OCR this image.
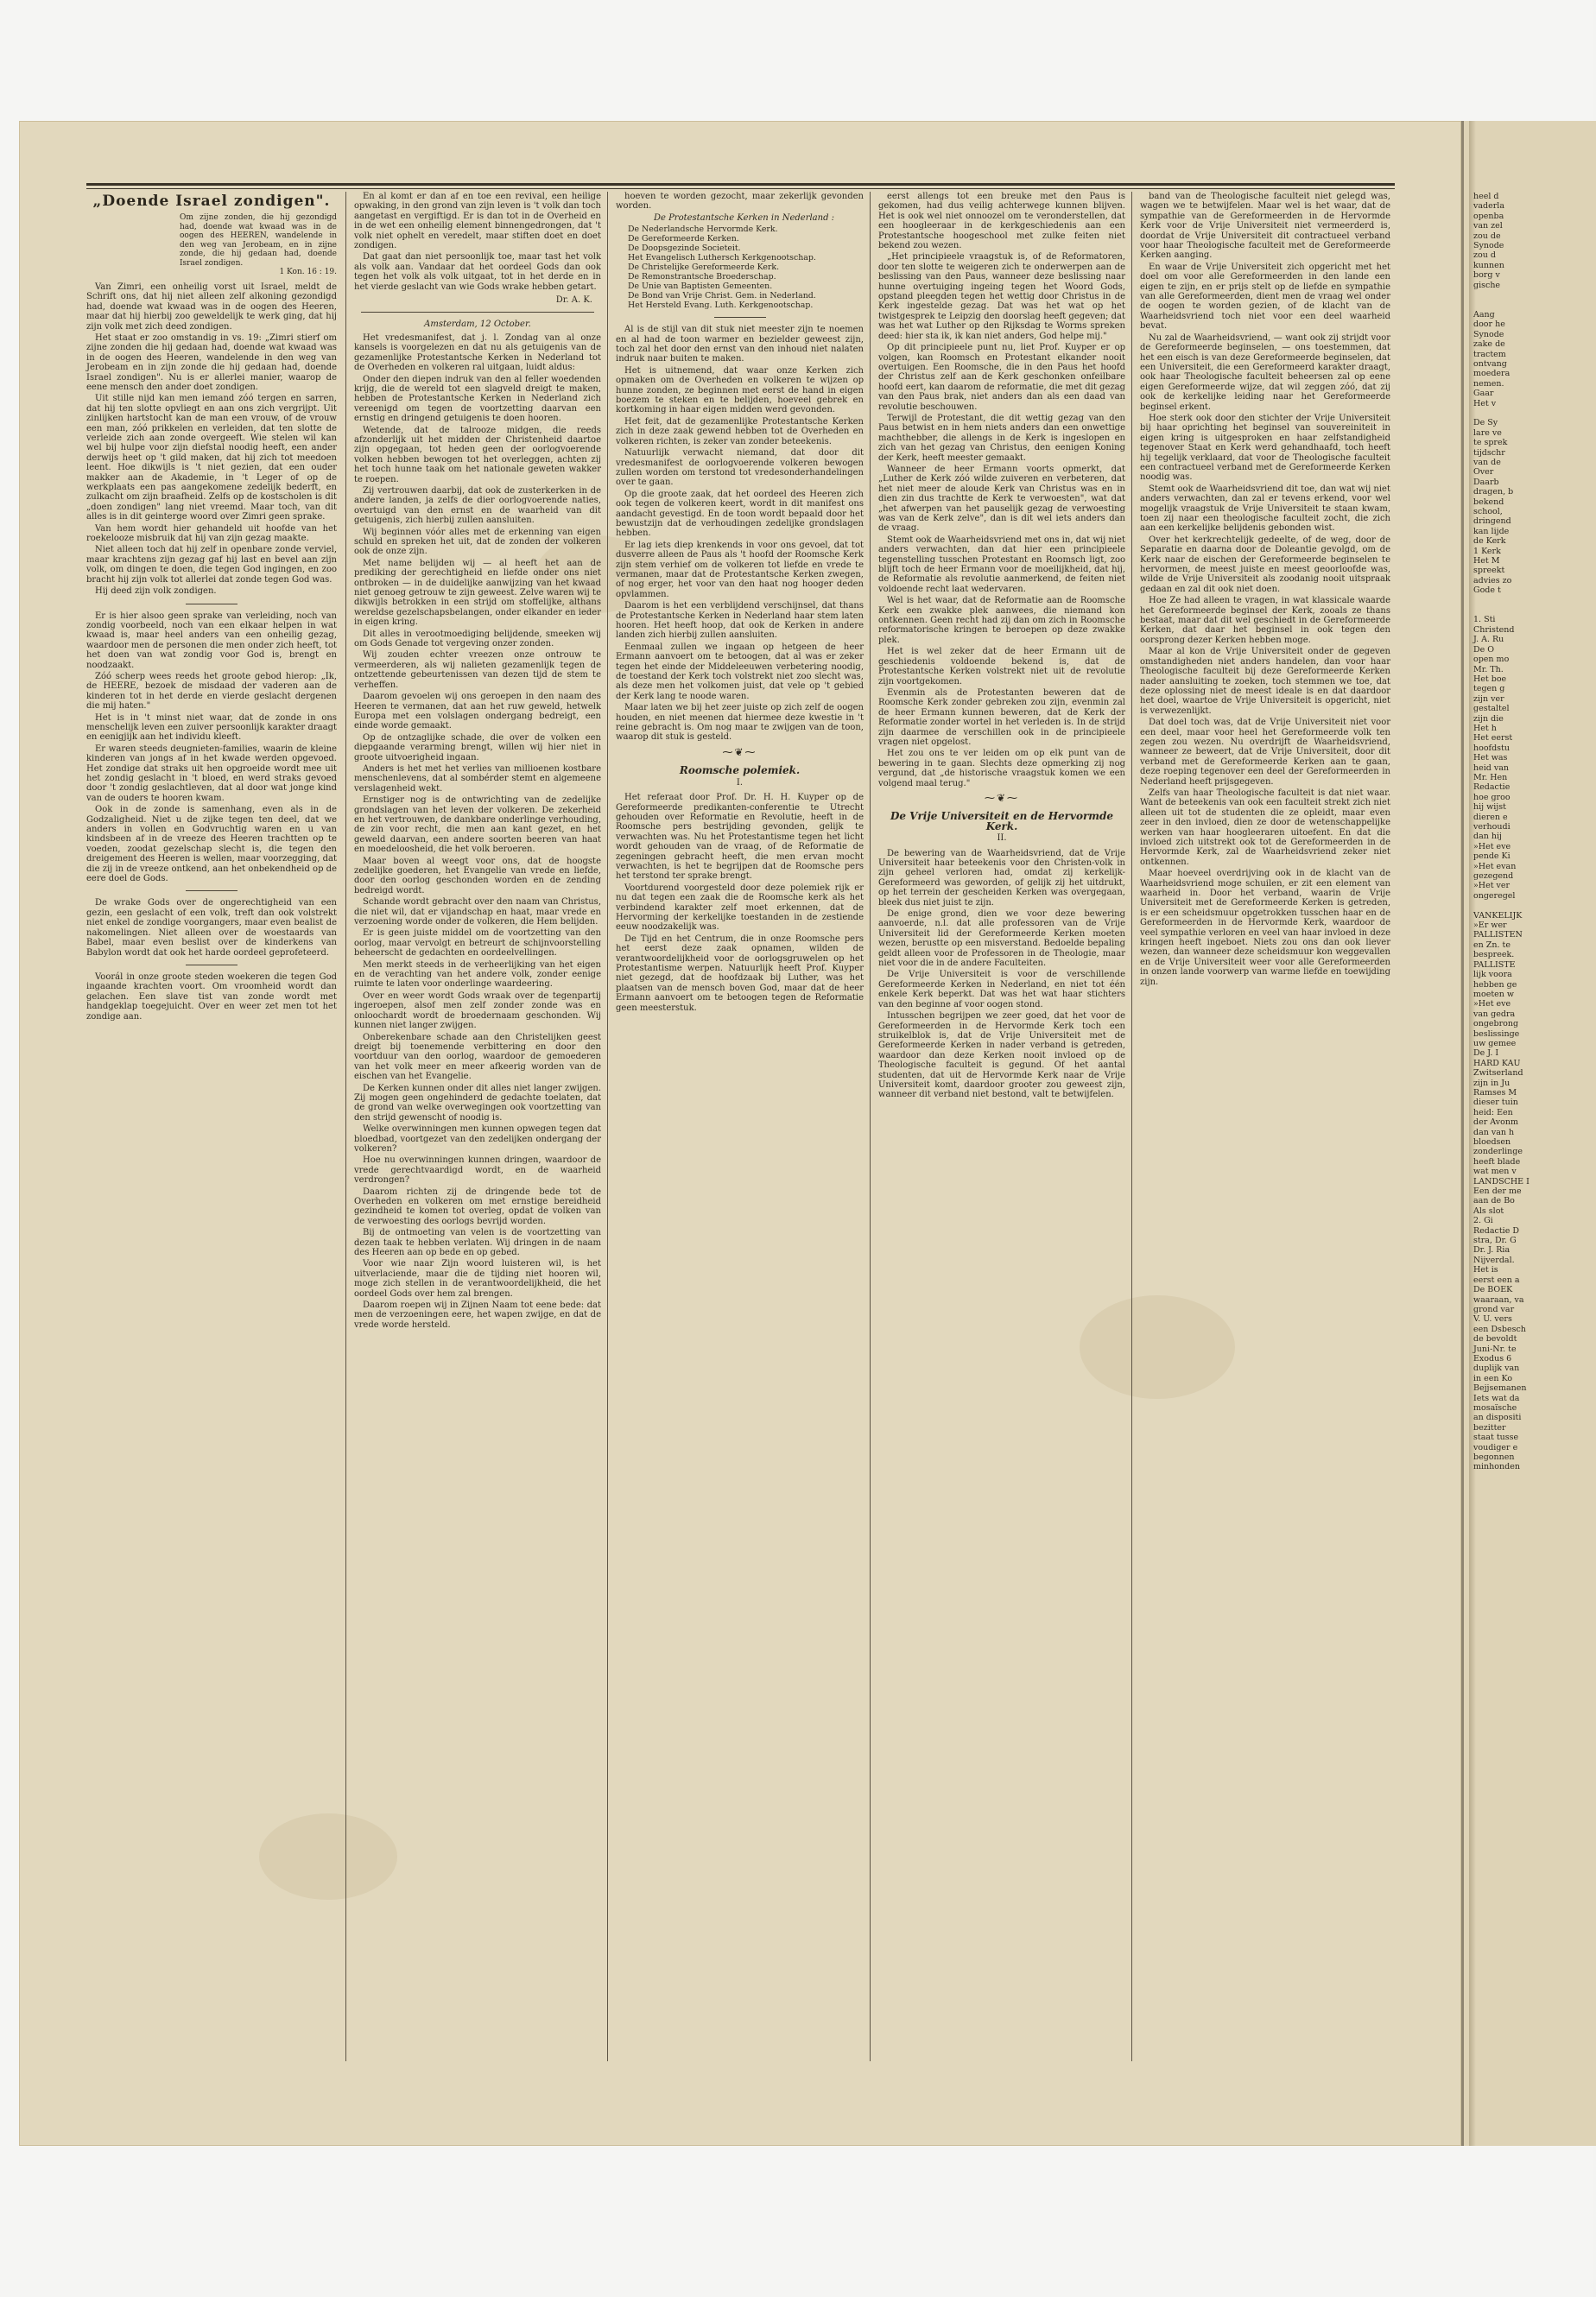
„Doende Israel zondigen".
Om zijne zonden, die hij gezondigd had, doende wat kwaad was in de oogen des HEEREN, wandelende in den weg van Jerobeam, en in zijne zonde, die hij gedaan had, doende Israel zondigen.
1 Kon. 16 : 19.

Van Zimri, een onheilig vorst uit Israel, meldt de Schrift ons, dat hij niet alleen zelf alkoning gezondigd had, doende wat kwaad was in de oogen des Heeren, maar dat hij hierbij zoo geweldelijk te werk ging, dat hij zijn volk met zich deed zondigen.

Het staat er zoo omstandig in vs. 19: „Zimri stierf om zijne zonden die hij gedaan had, doende wat kwaad was in de oogen des Heeren, wandelende in den weg van Jerobeam en in zijn zonde die hij gedaan had, doende Israel zondigen". Nu is er allerlei manier, waarop de eene mensch den ander doet zondigen.

Uit stille nijd kan men iemand zóó tergen en sarren, dat hij ten slotte opvliegt en aan ons zich vergrijpt. Uit zinlijken hartstocht kan de man een vrouw, of de vrouw een man, zóó prikkelen en verleiden, dat ten slotte de verleide zich aan zonde overgeeft. Wie stelen wil kan wel bij hulpe voor zijn diefstal noodig heeft, een ander derwijs heet op 't gild maken, dat hij zich tot meedoen leent. Hoe dikwijls is 't niet gezien, dat een ouder makker aan de Akademie, in 't Leger of op de werkplaats een pas aangekomene zedelijk bederft, en zulkacht om zijn braafheid. Zelfs op de kostscholen is dit „doen zondigen" lang niet vreemd. Maar toch, van dit alles is in dit geinterge woord over Zimri geen sprake.

Van hem wordt hier gehandeld uit hoofde van het roekelooze misbruik dat hij van zijn gezag maakte.

Niet alleen toch dat hij zelf in openbare zonde verviel, maar krachtens zijn gezag gaf hij last en bevel aan zijn volk, om dingen te doen, die tegen God ingingen, en zoo bracht hij zijn volk tot allerlei dat zonde tegen God was.

Hij deed zijn volk zondigen.

Er is hier alsoo geen sprake van verleiding, noch van zondig voorbeeld, noch van een elkaar helpen in wat kwaad is, maar heel anders van een onheilig gezag, waardoor men de personen die men onder zich heeft, tot het doen van wat zondig voor God is, brengt en noodzaakt.

Zóó scherp wees reeds het groote gebod hierop: „Ik, de HEERE, bezoek de misdaad der vaderen aan de kinderen tot in het derde en vierde geslacht dergenen die mij haten."

Het is in 't minst niet waar, dat de zonde in ons menschelijk leven een zuiver persoonlijk karakter draagt en eenigjijk aan het individu kleeft.

Er waren steeds deugnieten-families, waarin de kleine kinderen van jongs af in het kwade werden opgevoed. Het zondige dat straks uit hen opgroeide wordt mee uit het zondig geslacht in 't bloed, en werd straks gevoed door 't zondig geslachtleven, dat al door wat jonge kind van de ouders te hooren kwam.

Ook in de zonde is samenhang, even als in de Godzaligheid. Niet u de zijke tegen ten deel, dat we anders in vollen en Godvruchtig waren en u van kindsbeen af in de vreeze des Heeren trachtten op te voeden, zoodat gezelschap slecht is, die tegen den dreigement des Heeren is wellen, maar voorzegging, dat die zij in de vreeze ontkend, aan het onbekendheid op de eere doel de Gods.

De wrake Gods over de ongerechtigheid van een gezin, een geslacht of een volk, treft dan ook volstrekt niet enkel de zondige voorgangers, maar even bealist de nakomelingen. Niet alleen over de woestaards van Babel, maar even beslist over de kinderkens van Babylon wordt dat ook het harde oordeel geprofeteerd.

Voorál in onze groote steden woekeren die tegen God ingaande krachten voort. Om vroomheid wordt dan gelachen. Een slave tist van zonde wordt met handgeklap toegejuicht. Over en weer zet men tot het zondige aan.

En al komt er dan af en toe een revival, een heilige opwaking, in den grond van zijn leven is 't volk dan toch aangetast en vergiftigd. Er is dan tot in de Overheid en in de wet een onheilig element binnengedrongen, dat 't volk niet ophelt en veredelt, maar stiften doet en doet zondigen.

Dat gaat dan niet persoonlijk toe, maar tast het volk als volk aan. Vandaar dat het oordeel Gods dan ook tegen het volk als volk uitgaat, tot in het derde en in het vierde geslacht van wie Gods wrake hebben getart.

Dr. A. K.
Amsterdam, 12 October.

Het vredesmanifest, dat j. l. Zondag van al onze kansels is voorgelezen en dat nu als getuigenis van de gezamenlijke Protestantsche Kerken in Nederland tot de Overheden en volkeren ral uitgaan, luidt aldus:

Onder den diepen indruk van den al feller woedenden krijg, die de wereld tot een slagveld dreigt te maken, hebben de Protestantsche Kerken in Nederland zich vereenigd om tegen de voortzetting daarvan een ernstig en dringend getuigenis te doen hooren.

Wetende, dat de talrooze midgen, die reeds afzonderlijk uit het midden der Christenheid daartoe zijn opgegaan, tot heden geen der oorlogvoerende volken hebben bewogen tot het overleggen, achten zij het toch hunne taak om het nationale geweten wakker te roepen.

Zij vertrouwen daarbij, dat ook de zusterkerken in de andere landen, ja zelfs de dier oorlogvoerende naties, overtuigd van den ernst en de waarheid van dit getuigenis, zich hierbij zullen aansluiten.

Wij beginnen vóór alles met de erkenning van eigen schuld en spreken het uit, dat de zonden der volkeren ook de onze zijn.

Met name belijden wij — al heeft het aan de prediking der gerechtigheid en liefde onder ons niet ontbroken — in de duidelijke aanwijzing van het kwaad niet genoeg getrouw te zijn geweest. Zelve waren wij te dikwijls betrokken in een strijd om stoffelijke, althans wereldse gezelschapsbelangen, onder elkander en ieder in eigen kring.

Dit alles in verootmoediging belijdende, smeeken wij om Gods Genade tot vergeving onzer zonden.

Wij zouden echter vreezen onze ontrouw te vermeerderen, als wij nalieten gezamenlijk tegen de ontzettende gebeurtenissen van dezen tijd de stem te verheffen.

Daarom gevoelen wij ons geroepen in den naam des Heeren te vermanen, dat aan het ruw geweld, hetwelk Europa met een volslagen ondergang bedreigt, een einde worde gemaakt.

Op de ontzaglijke schade, die over de volken een diepgaande verarming brengt, willen wij hier niet in groote uitvoerigheid ingaan.

Anders is het met het verlies van millioenen kostbare menschenlevens, dat al sombérder stemt en algemeene verslagenheid wekt.

Ernstiger nog is de ontwrichting van de zedelijke grondslagen van het leven der volkeren. De zekerheid en het vertrouwen, de dankbare onderlinge verhouding, de zin voor recht, die men aan kant gezet, en het geweld daarvan, een andere soorten beeren van haat en moedeloosheid, die het volk beroeren.

Maar boven al weegt voor ons, dat de hoogste zedelijke goederen, het Evangelie van vrede en liefde, door den oorlog geschonden worden en de zending bedreigd wordt.

Schande wordt gebracht over den naam van Christus, die niet wil, dat er vijandschap en haat, maar vrede en verzoening worde onder de volkeren, die Hem belijden.

Er is geen juiste middel om de voortzetting van den oorlog, maar vervolgt en betreurt de schijnvoorstelling beheerscht de gedachten en oordeelvellingen.

Men merkt steeds in de verheerlijking van het eigen en de verachting van het andere volk, zonder eenige ruimte te laten voor onderlinge waardeering.

Over en weer wordt Gods wraak over de tegenpartij ingeroepen, alsof men zelf zonder zonde was en onloochardt wordt de broedernaam geschonden. Wij kunnen niet langer zwijgen.

Onberekenbare schade aan den Christelijken geest dreigt bij toenemende verbittering en door den voortduur van den oorlog, waardoor de gemoederen van het volk meer en meer afkeerig worden van de eischen van het Evangelie.

De Kerken kunnen onder dit alles niet langer zwijgen. Zij mogen geen ongehinderd de gedachte toelaten, dat de grond van welke overwegingen ook voortzetting van den strijd gewenscht of noodig is.

Welke overwinningen men kunnen opwegen tegen dat bloedbad, voortgezet van den zedelijken ondergang der volkeren?

Hoe nu overwinningen kunnen dringen, waardoor de vrede gerechtvaardigd wordt, en de waarheid verdrongen?

Daarom richten zij de dringende bede tot de Overheden en volkeren om met ernstige bereidheid gezindheid te komen tot overleg, opdat de volken van de verwoesting des oorlogs bevrijd worden.

Bij de ontmoeting van velen is de voortzetting van dezen taak te hebben verlaten. Wij dringen in de naam des Heeren aan op bede en op gebed.

Voor wie naar Zijn woord luisteren wil, is het uitverlaciende, maar die de tijding niet hooren wil, moge zich stellen in de verantwoordelijkheid, die het oordeel Gods over hem zal brengen.

Daarom roepen wij in Zijnen Naam tot eene bede: dat men de verzoeningen eere, het wapen zwijge, en dat de vrede worde hersteld.

hoeven te worden gezocht, maar zekerlijk gevonden worden.

De Protestantsche Kerken in Nederland :

De Nederlandsche Hervormde Kerk.
De Gereformeerde Kerken.
De Doopsgezinde Societeit.
Het Evangelisch Luthersch Kerkgenootschap.
De Christelijke Gereformeerde Kerk.
De Remonstrantsche Broederschap.
De Unie van Baptisten Gemeenten.
De Bond van Vrije Christ. Gem. in Nederland.
Het Hersteld Evang. Luth. Kerkgenootschap.

Al is de stijl van dit stuk niet meester zijn te noemen en al had de toon warmer en bezielder geweest zijn, toch zal het door den ernst van den inhoud niet nalaten indruk naar buiten te maken.

Het is uitnemend, dat waar onze Kerken zich opmaken om de Overheden en volkeren te wijzen op hunne zonden, ze beginnen met eerst de hand in eigen boezem te steken en te belijden, hoeveel gebrek en kortkoming in haar eigen midden werd gevonden.

Het feit, dat de gezamenlijke Protestantsche Kerken zich in deze zaak gewend hebben tot de Overheden en volkeren richten, is zeker van zonder beteekenis.

Natuurlijk verwacht niemand, dat door dit vredesmanifest de oorlogvoerende volkeren bewogen zullen worden om terstond tot vredesonderhandelingen over te gaan.

Op die groote zaak, dat het oordeel des Heeren zich ook tegen de volkeren keert, wordt in dit manifest ons aandacht gevestigd. En de toon wordt bepaald door het bewustzijn dat de verhoudingen zedelijke grondslagen hebben.

Er lag iets diep krenkends in voor ons gevoel, dat tot dusverre alleen de Paus als 't hoofd der Roomsche Kerk zijn stem verhief om de volkeren tot liefde en vrede te vermanen, maar dat de Protestantsche Kerken zwegen, of nog erger, het voor van den haat nog hooger deden opvlammen.

Daarom is het een verblijdend verschijnsel, dat thans de Protestantsche Kerken in Nederland haar stem laten hooren. Het heeft hoop, dat ook de Kerken in andere landen zich hierbij zullen aansluiten.

Eenmaal zullen we ingaan op hetgeen de heer Ermann aanvoert om te betoogen, dat al was er zeker tegen het einde der Middeleeuwen verbetering noodig, de toestand der Kerk toch volstrekt niet zoo slecht was, als deze men het volkomen juist, dat vele op 't gebied der Kerk lang te noode waren.

Maar laten we bij het zeer juiste op zich zelf de oogen houden, en niet meenen dat hiermee deze kwestie in 't reine gebracht is. Om nog maar te zwijgen van de toon, waarop dit stuk is gesteld.

⁓❦⁓
Roomsche polemiek.
I.

Het referaat door Prof. Dr. H. H. Kuyper op de Gereformeerde predikanten-conferentie te Utrecht gehouden over Reformatie en Revolutie, heeft in de Roomsche pers bestrijding gevonden, gelijk te verwachten was. Nu het Protestantisme tegen het licht wordt gehouden van de vraag, of de Reformatie de zegeningen gebracht heeft, die men ervan mocht verwachten, is het te begrijpen dat de Roomsche pers het terstond ter sprake brengt.

Voortdurend voorgesteld door deze polemiek rijk er nu dat tegen een zaak die de Roomsche kerk als het verbindend karakter zelf moet erkennen, dat de Hervorming der kerkelijke toestanden in de zestiende eeuw noodzakelijk was.

De Tijd en het Centrum, die in onze Roomsche pers het eerst deze zaak opnamen, wilden de verantwoordelijkheid voor de oorlogsgruwelen op het Protestantisme werpen. Natuurlijk heeft Prof. Kuyper niet gezegd, dat de hoofdzaak bij Luther, was het plaatsen van de mensch boven God, maar dat de heer Ermann aanvoert om te betoogen tegen de Reformatie geen meesterstuk.

eerst allengs tot een breuke met den Paus is gekomen, had dus veilig achterwege kunnen blijven. Het is ook wel niet onnoozel om te veronderstellen, dat een hoogleeraar in de kerkgeschiedenis aan een Protestantsche hoogeschool met zulke feiten niet bekend zou wezen.

„Het principieele vraagstuk is, of de Reformatoren, door ten slotte te weigeren zich te onderwerpen aan de beslissing van den Paus, wanneer deze beslissing naar hunne overtuiging ingeing tegen het Woord Gods, opstand pleegden tegen het wettig door Christus in de Kerk ingestelde gezag. Dat was het wat op het twistgesprek te Leipzig den doorslag heeft gegeven; dat was het wat Luther op den Rijksdag te Worms spreken deed: hier sta ik, ik kan niet anders, God helpe mij."

Op dit principieele punt nu, liet Prof. Kuyper er op volgen, kan Roomsch en Protestant elkander nooit overtuigen. Een Roomsche, die in den Paus het hoofd der Christus zelf aan de Kerk geschonken onfeilbare hoofd eert, kan daarom de reformatie, die met dit gezag van den Paus brak, niet anders dan als een daad van revolutie beschouwen.

Terwijl de Protestant, die dit wettig gezag van den Paus betwist en in hem niets anders dan een onwettige machthebber, die allengs in de Kerk is ingeslopen en zich van het gezag van Christus, den eenigen Koning der Kerk, heeft meester gemaakt.

Wanneer de heer Ermann voorts opmerkt, dat „Luther de Kerk zóó wilde zuiveren en verbeteren, dat het niet meer de aloude Kerk van Christus was en in dien zin dus trachtte de Kerk te verwoesten", wat dat „het afwerpen van het pauselijk gezag de verwoesting was van de Kerk zelve", dan is dit wel iets anders dan de vraag.

Stemt ook de Waarheidsvriend met ons in, dat wij niet anders verwachten, dan dat hier een principieele tegenstelling tusschen Protestant en Roomsch ligt, zoo blijft toch de heer Ermann voor de moeilijkheid, dat hij, de Reformatie als revolutie aanmerkend, de feiten niet voldoende recht laat wedervaren.

Wel is het waar, dat de Reformatie aan de Roomsche Kerk een zwakke plek aanwees, die niemand kon ontkennen. Geen recht had zij dan om zich in Roomsche reformatorische kringen te beroepen op deze zwakke plek.

Het is wel zeker dat de heer Ermann uit de geschiedenis voldoende bekend is, dat de Protestantsche Kerken volstrekt niet uit de revolutie zijn voortgekomen.

Evenmin als de Protestanten beweren dat de Roomsche Kerk zonder gebreken zou zijn, evenmin zal de heer Ermann kunnen beweren, dat de Kerk der Reformatie zonder wortel in het verleden is. In de strijd zijn daarmee de verschillen ook in de principieele vragen niet opgelost.

Het zou ons te ver leiden om op elk punt van de bewering in te gaan. Slechts deze opmerking zij nog vergund, dat „de historische vraagstuk komen we een volgend maal terug."

⁓❦⁓
De Vrije Universiteit en de Hervormde Kerk.
II.

De bewering van de Waarheidsvriend, dat de Vrije Universiteit haar beteekenis voor den Christen-volk in zijn geheel verloren had, omdat zij kerkelijk-Gereformeerd was geworden, of gelijk zij het uitdrukt, op het terrein der gescheiden Kerken was overgegaan, bleek dus niet juist te zijn.

De enige grond, dien we voor deze bewering aanvoerde, n.l. dat alle professoren van de Vrije Universiteit lid der Gereformeerde Kerken moeten wezen, berustte op een misverstand. Bedoelde bepaling geldt alleen voor de Professoren in de Theologie, maar niet voor die in de andere Faculteiten.

De Vrije Universiteit is voor de verschillende Gereformeerde Kerken in Nederland, en niet tot één enkele Kerk beperkt. Dat was het wat haar stichters van den beginne af voor oogen stond.

Intusschen begrijpen we zeer goed, dat het voor de Gereformeerden in de Hervormde Kerk toch een struikelblok is, dat de Vrije Universiteit met de Gereformeerde Kerken in nader verband is getreden, waardoor dan deze Kerken nooit invloed op de Theologische faculteit is gegund. Of het aantal studenten, dat uit de Hervormde Kerk naar de Vrije Universiteit komt, daardoor grooter zou geweest zijn, wanneer dit verband niet bestond, valt te betwijfelen.

band van de Theologische faculteit niet gelegd was, wagen we te betwijfelen. Maar wel is het waar, dat de sympathie van de Gereformeerden in de Hervormde Kerk voor de Vrije Universiteit niet vermeerderd is, doordat de Vrije Universiteit dit contractueel verband voor haar Theologische faculteit met de Gereformeerde Kerken aanging.

En waar de Vrije Universiteit zich opgericht met het doel om voor alle Gereformeerden in den lande een eigen te zijn, en er prijs stelt op de liefde en sympathie van alle Gereformeerden, dient men de vraag wel onder de oogen te worden gezien, of de klacht van de Waarheidsvriend toch niet voor een deel waarheid bevat.

Nu zal de Waarheidsvriend, — want ook zij strijdt voor de Gereformeerde beginselen, — ons toestemmen, dat het een eisch is van deze Gereformeerde beginselen, dat een Universiteit, die een Gereformeerd karakter draagt, ook haar Theologische faculteit beheersen zal op eene eigen Gereformeerde wijze, dat wil zeggen zóó, dat zij ook de kerkelijke leiding naar het Gereformeerde beginsel erkent.

Hoe sterk ook door den stichter der Vrije Universiteit bij haar oprichting het beginsel van souvereiniteit in eigen kring is uitgesproken en haar zelfstandigheid tegenover Staat en Kerk werd gehandhaafd, toch heeft hij tegelijk verklaard, dat voor de Theologische faculteit een contractueel verband met de Gereformeerde Kerken noodig was.

Stemt ook de Waarheidsvriend dit toe, dan wat wij niet anders verwachten, dan zal er tevens erkend, voor wel mogelijk vraagstuk de Vrije Universiteit te staan kwam, toen zij naar een theologische faculteit zocht, die zich aan een kerkelijke belijdenis gebonden wist.

Over het kerkrechtelijk gedeelte, of de weg, door de Separatie en daarna door de Doleantie gevolgd, om de Kerk naar de eischen der Gereformeerde beginselen te hervormen, de meest juiste en meest geoorloofde was, wilde de Vrije Universiteit als zoodanig nooit uitspraak gedaan en zal dit ook niet doen.

Hoe Ze had alleen te vragen, in wat klassicale waarde het Gereformeerde beginsel der Kerk, zooals ze thans bestaat, maar dat dit wel geschiedt in de Gereformeerde Kerken, dat daar het beginsel in ook tegen den oorsprong dezer Kerken hebben moge.

Maar al kon de Vrije Universiteit onder de gegeven omstandigheden niet anders handelen, dan voor haar Theologische faculteit bij deze Gereformeerde Kerken nader aansluiting te zoeken, toch stemmen we toe, dat deze oplossing niet de meest ideale is en dat daardoor het doel, waartoe de Vrije Universiteit is opgericht, niet is verwezenlijkt.

Dat doel toch was, dat de Vrije Universiteit niet voor een deel, maar voor heel het Gereformeerde volk ten zegen zou wezen. Nu overdrijft de Waarheidsvriend, wanneer ze beweert, dat de Vrije Universiteit, door dit verband met de Gereformeerde Kerken aan te gaan, deze roeping tegenover een deel der Gereformeerden in Nederland heeft prijsgegeven.

Zelfs van haar Theologische faculteit is dat niet waar. Want de beteekenis van ook een faculteit strekt zich niet alleen uit tot de studenten die ze opleidt, maar even zeer in den invloed, dien ze door de wetenschappelijke werken van haar hoogleeraren uitoefent. En dat die invloed zich uitstrekt ook tot de Gereformeerden in de Hervormde Kerk, zal de Waarheidsvriend zeker niet ontkennen.

Maar hoeveel overdrijving ook in de klacht van de Waarheidsvriend moge schuilen, er zit een element van waarheid in. Door het verband, waarin de Vrije Universiteit met de Gereformeerde Kerken is getreden, is er een scheidsmuur opgetrokken tusschen haar en de Gereformeerden in de Hervormde Kerk, waardoor de veel sympathie verloren en veel van haar invloed in deze kringen heeft ingeboet. Niets zou ons dan ook liever wezen, dan wanneer deze scheidsmuur kon weggevallen en de Vrije Universiteit weer voor alle Gereformeerden in onzen lande voorwerp van warme liefde en toewijding zijn.

heel d
vaderla
openba
van zel
zou de
Synode
zou d
kunnen
borg v
gische

Aang
door he
Synode
zake de
tractem
ontvang
moedera
nemen.
Gaar
Het v

De Sy
lare ve
te sprek
tijdschr
van de
Over
Daarb
dragen, b
bekend
school,
dringend
kan lijde
de Kerk
1 Kerk
Het M
spreekt
advies zo
Gode t

1. Sti
Christend
J. A. Ru
De O
open mo
Mr. Th.
Het boe
tegen g
zijn ver
gestaltel
zijn die
Het h
Het eerst
hoofdstu
Het was
heid van
Mr. Hen
Redactie
hoe groo
hij wijst
dieren e
verhoudi
dan hij
»Het eve
pende Ki
»Het evan
gezegend
»Het ver
ongeregel

VANKELIJK
»Er wer
PALLISTEN
en Zn. te
bespreek.
PALLISTE
lijk voora
hebben ge
moeten w
»Het eve
van gedra
ongebrong
beslissinge
uw gemee
De J. I
HARD KAU
Zwitserland
zijn in Ju
Ramses M
dieser tuin
heid: Een
der Avonm
dan van h
bloedsen
zonderlinge
heeft blade
wat men v
LANDSCHE I
Een der me
aan de Bo
Als slot
2. Gi
Redactie D
stra, Dr. G
Dr. J. Ria
Nijverdal.
Het is
eerst een a
De BOEK
waaraan, va
grond var
V. U. vers
een Dsbesch
de bevoldt
Juni-Nr. te
Exodus 6
duplijk van
in een Ko
Bejjsemanen
Iets wat da
mosaïsche
an dispositi
bezitter
staat tusse
voudiger e
begonnen
minhonden
